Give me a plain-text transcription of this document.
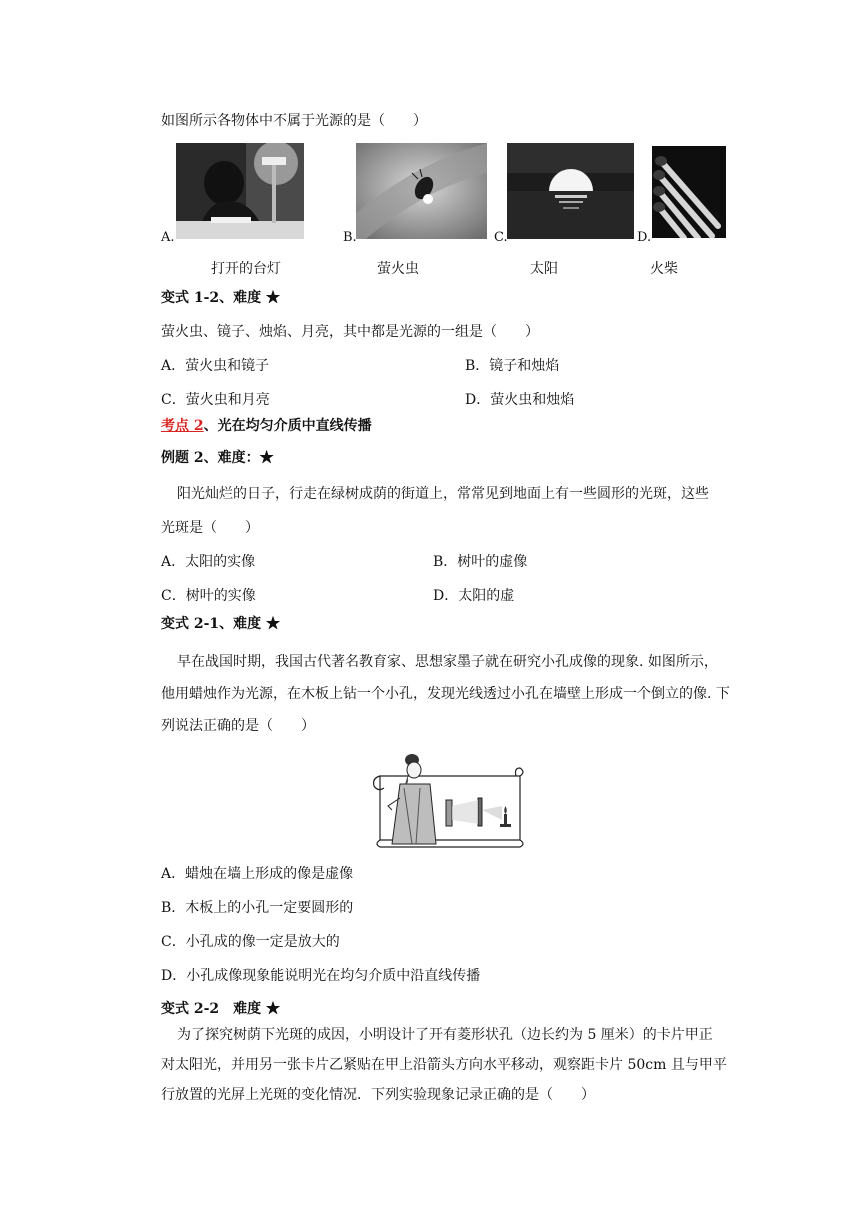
如图所示各物体中不属于光源的是（　　）
A.	B.	C.	D.
打开的台灯	萤火虫	太阳	火柴
变式 1-2、难度 ★
萤火虫、镜子、烛焰、月亮，其中都是光源的一组是（　　）
A．萤火虫和镜子	B．镜子和烛焰
C．萤火虫和月亮	D．萤火虫和烛焰
考点 2、光在均匀介质中直线传播
例题 2、难度：★
阳光灿烂的日子，行走在绿树成荫的街道上，常常见到地面上有一些圆形的光斑，这些
光斑是（　　）
A．太阳的实像	B．树叶的虚像
C．树叶的实像	D．太阳的虚
变式 2-1、难度 ★
早在战国时期，我国古代著名教育家、思想家墨子就在研究小孔成像的现象. 如图所示，
他用蜡烛作为光源，在木板上钻一个小孔，发现光线透过小孔在墙壁上形成一个倒立的像. 下
列说法正确的是（　　）
A．蜡烛在墙上形成的像是虚像
B．木板上的小孔一定要圆形的
C．小孔成的像一定是放大的
D．小孔成像现象能说明光在均匀介质中沿直线传播
变式 2-2　难度 ★
为了探究树荫下光斑的成因，小明设计了开有菱形状孔（边长约为 5 厘米）的卡片甲正
对太阳光，并用另一张卡片乙紧贴在甲上沿箭头方向水平移动，观察距卡片 50cm 且与甲平
行放置的光屏上光斑的变化情况．下列实验现象记录正确的是（　　）
